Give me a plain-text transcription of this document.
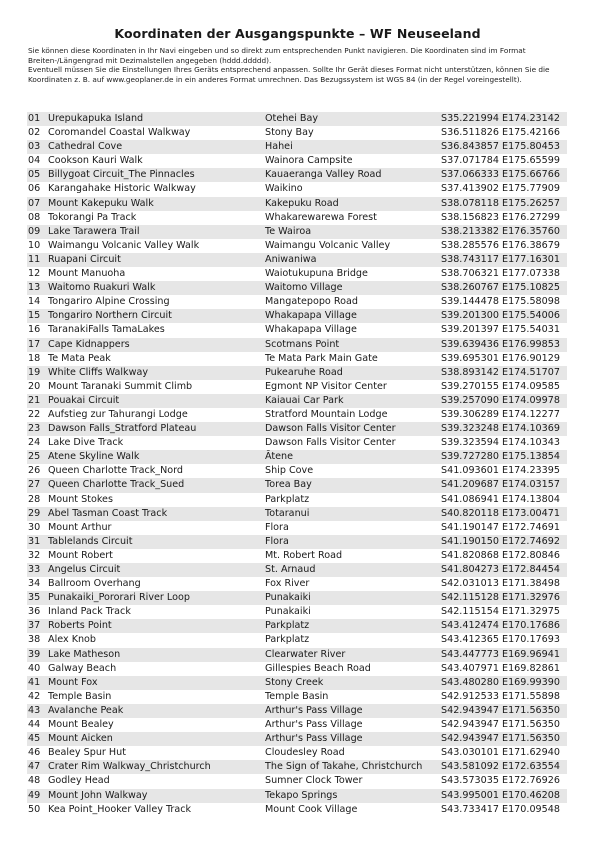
Koordinaten der Ausgangspunkte – WF Neuseeland

Sie können diese Koordinaten in Ihr Navi eingeben und so direkt zum entsprechenden Punkt navigieren. Die Koordinaten sind im Format Breiten-/Längengrad mit Dezimalstellen angegeben (hddd.ddddd).

Eventuell müssen Sie die Einstellungen Ihres Geräts entsprechend anpassen. Sollte Ihr Gerät dieses Format nicht unterstützen, können Sie die Koordinaten z. B. auf www.geoplaner.de in ein anderes Format umrechnen. Das Bezugssystem ist WGS 84 (in der Regel voreingestellt).

01 Urepukapuka Island	Otehei Bay	S35.221994 E174.23142
02 Coromandel Coastal Walkway	Stony Bay	S36.511826 E175.42166
03 Cathedral Cove	Hahei	S36.843857 E175.80453
04 Cookson Kauri Walk	Wainora Campsite	S37.071784 E175.65599
05 Billygoat Circuit_The Pinnacles	Kauaeranga Valley Road	S37.066333 E175.66766
06 Karangahake Historic Walkway	Waikino	S37.413902 E175.77909
07 Mount Kakepuku Walk	Kakepuku Road	S38.078118 E175.26257
08 Tokorangi Pa Track	Whakarewarewa Forest	S38.156823 E176.27299
09 Lake Tarawera Trail	Te Wairoa	S38.213382 E176.35760
10 Waimangu Volcanic Valley Walk	Waimangu Volcanic Valley	S38.285576 E176.38679
11 Ruapani Circuit	Aniwaniwa	S38.743117 E177.16301
12 Mount Manuoha	Waiotukupuna Bridge	S38.706321 E177.07338
13 Waitomo Ruakuri Walk	Waitomo Village	S38.260767 E175.10825
14 Tongariro Alpine Crossing	Mangatepopo Road	S39.144478 E175.58098
15 Tongariro Northern Circuit	Whakapapa Village	S39.201300 E175.54006
16 TaranakiFalls TamaLakes	Whakapapa Village	S39.201397 E175.54031
17 Cape Kidnappers	Scotmans Point	S39.639436 E176.99853
18 Te Mata Peak	Te Mata Park Main Gate	S39.695301 E176.90129
19 White Cliffs Walkway	Pukearuhe Road	S38.893142 E174.51707
20 Mount Taranaki Summit Climb	Egmont NP Visitor Center	S39.270155 E174.09585
21 Pouakai Circuit	Kaiauai Car Park	S39.257090 E174.09978
22 Aufstieg zur Tahurangi Lodge	Stratford Mountain Lodge	S39.306289 E174.12277
23 Dawson Falls_Stratford Plateau	Dawson Falls Visitor Center	S39.323248 E174.10369
24 Lake Dive Track	Dawson Falls Visitor Center	S39.323594 E174.10343
25 Atene Skyline Walk	Ātene	S39.727280 E175.13854
26 Queen Charlotte Track_Nord	Ship Cove	S41.093601 E174.23395
27 Queen Charlotte Track_Sued	Torea Bay	S41.209687 E174.03157
28 Mount Stokes	Parkplatz	S41.086941 E174.13804
29 Abel Tasman Coast Track	Totaranui	S40.820118 E173.00471
30 Mount Arthur	Flora	S41.190147 E172.74691
31 Tablelands Circuit	Flora	S41.190150 E172.74692
32 Mount Robert	Mt. Robert Road	S41.820868 E172.80846
33 Angelus Circuit	St. Arnaud	S41.804273 E172.84454
34 Ballroom Overhang	Fox River	S42.031013 E171.38498
35 Punakaiki_Pororari River Loop	Punakaiki	S42.115128 E171.32976
36 Inland Pack Track	Punakaiki	S42.115154 E171.32975
37 Roberts Point	Parkplatz	S43.412474 E170.17686
38 Alex Knob	Parkplatz	S43.412365 E170.17693
39 Lake Matheson	Clearwater River	S43.447773 E169.96941
40 Galway Beach	Gillespies Beach Road	S43.407971 E169.82861
41 Mount Fox	Stony Creek	S43.480280 E169.99390
42 Temple Basin	Temple Basin	S42.912533 E171.55898
43 Avalanche Peak	Arthur's Pass Village	S42.943947 E171.56350
44 Mount Bealey	Arthur's Pass Village	S42.943947 E171.56350
45 Mount Aicken	Arthur's Pass Village	S42.943947 E171.56350
46 Bealey Spur Hut	Cloudesley Road	S43.030101 E171.62940
47 Crater Rim Walkway_Christchurch	The Sign of Takahe, Christchurch S43.581092 E172.63554
48 Godley Head	Sumner Clock Tower	S43.573035 E172.76926
49 Mount John Walkway	Tekapo Springs	S43.995001 E170.46208
50 Kea Point_Hooker Valley Track	Mount Cook Village	S43.733417 E170.09548
